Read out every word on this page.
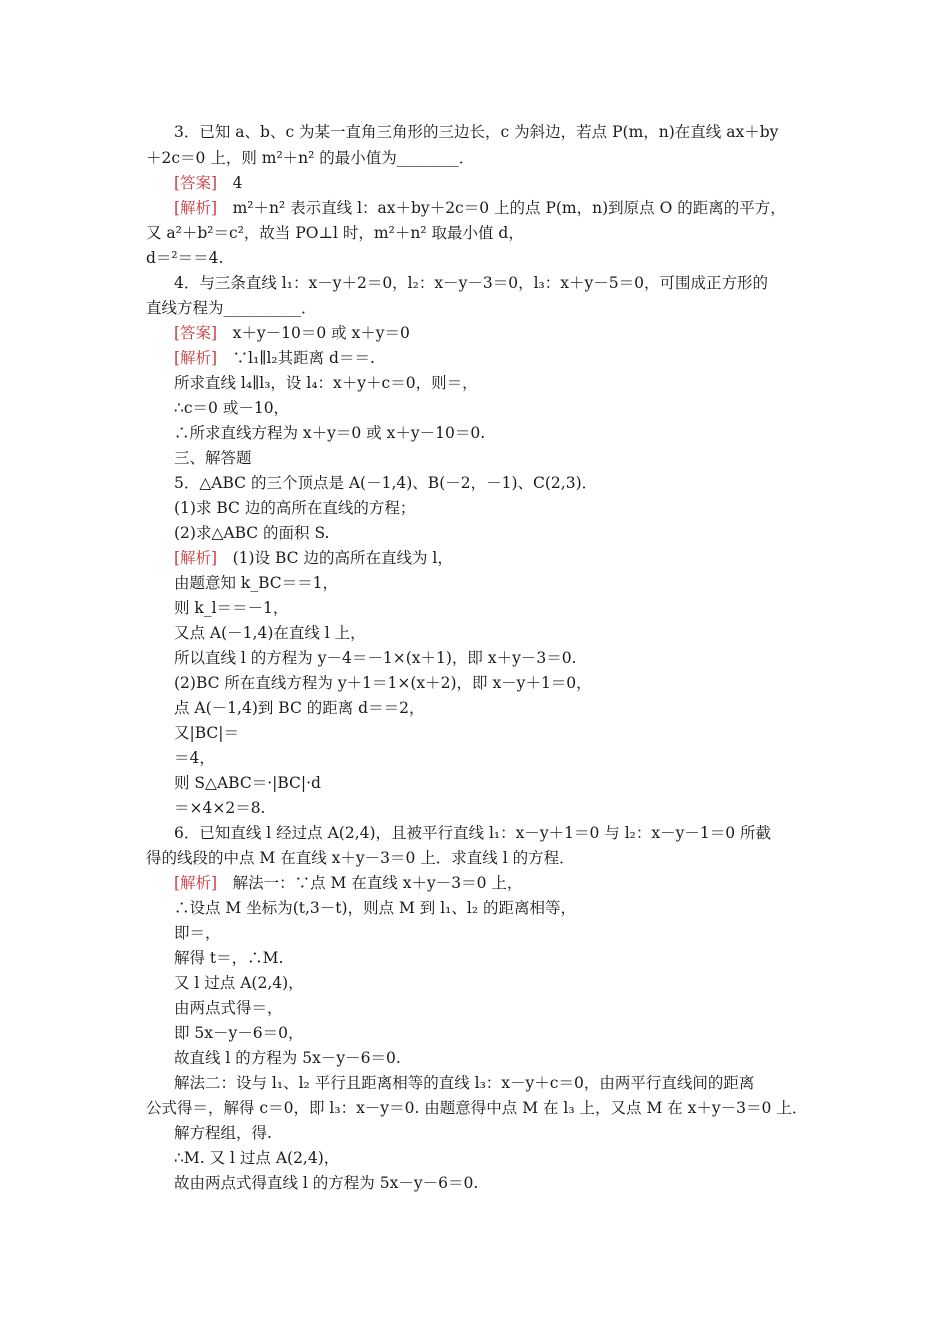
3．已知 a、b、c 为某一直角三角形的三边长，c 为斜边，若点 P(m，n)在直线 ax＋by
＋2c＝0 上，则 m²＋n² 的最小值为________．
[答案]　4
[解析]　m²＋n² 表示直线 l：ax＋by＋2c＝0 上的点 P(m，n)到原点 O 的距离的平方，
又 a²＋b²＝c²，故当 PO⊥l 时，m²＋n² 取最小值 d，
d＝²＝＝4.
4．与三条直线 l₁：x－y＋2＝0，l₂：x－y－3＝0，l₃：x＋y－5＝0，可围成正方形的
直线方程为__________．
[答案]　x＋y－10＝0 或 x＋y＝0
[解析]　∵l₁∥l₂其距离 d＝＝.
所求直线 l₄∥l₃，设 l₄：x＋y＋c＝0，则＝，
∴c＝0 或－10，
∴所求直线方程为 x＋y＝0 或 x＋y－10＝0.
三、解答题
5．△ABC 的三个顶点是 A(－1,4)、B(－2，－1)、C(2,3)．
(1)求 BC 边的高所在直线的方程；
(2)求△ABC 的面积 S.
[解析]　(1)设 BC 边的高所在直线为 l，
由题意知 k_BC＝＝1，
则 k_l＝＝－1，
又点 A(－1,4)在直线 l 上，
所以直线 l 的方程为 y－4＝－1×(x＋1)，即 x＋y－3＝0.
(2)BC 所在直线方程为 y＋1＝1×(x＋2)，即 x－y＋1＝0，
点 A(－1,4)到 BC 的距离 d＝＝2，
又|BC|＝
＝4，
则 S△ABC＝·|BC|·d
＝×4×2＝8.
6．已知直线 l 经过点 A(2,4)，且被平行直线 l₁：x－y＋1＝0 与 l₂：x－y－1＝0 所截
得的线段的中点 M 在直线 x＋y－3＝0 上．求直线 l 的方程．
[解析]　解法一：∵点 M 在直线 x＋y－3＝0 上，
∴设点 M 坐标为(t,3－t)，则点 M 到 l₁、l₂ 的距离相等，
即＝，
解得 t＝，∴M.
又 l 过点 A(2,4)，
由两点式得＝，
即 5x－y－6＝0，
故直线 l 的方程为 5x－y－6＝0.
解法二：设与 l₁、l₂ 平行且距离相等的直线 l₃：x－y＋c＝0，由两平行直线间的距离
公式得＝，解得 c＝0，即 l₃：x－y＝0. 由题意得中点 M 在 l₃ 上，又点 M 在 x＋y－3＝0 上．
解方程组，得.
∴M. 又 l 过点 A(2,4)，
故由两点式得直线 l 的方程为 5x－y－6＝0.
